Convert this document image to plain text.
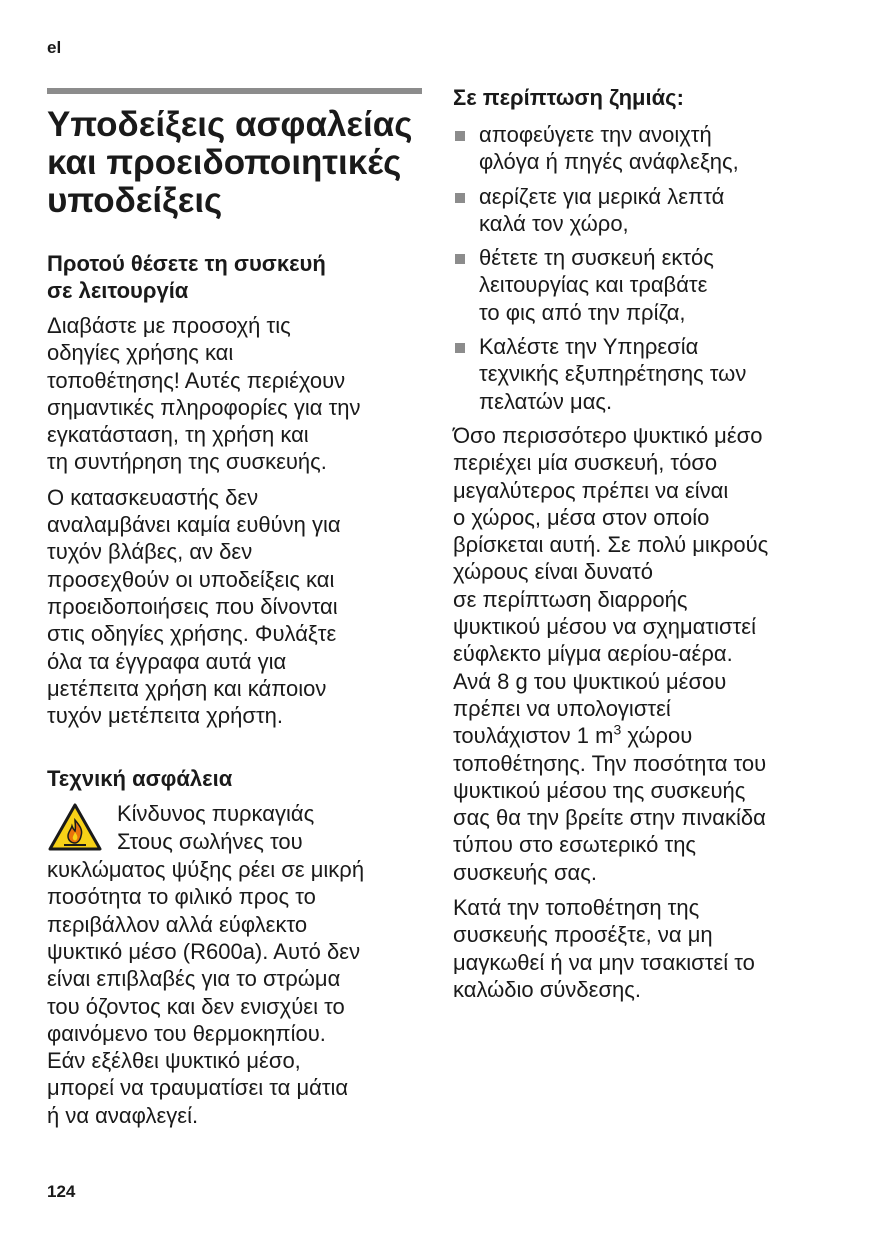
el
Υποδείξεις ασφαλείας
και προειδοποιητικές
υποδείξεις
Προτού θέσετε τη συσκευή
σε λειτουργία

Διαβάστε με προσοχή τις
οδηγίες χρήσης και
τοποθέτησης! Αυτές περιέχουν
σημαντικές πληροφορίες για την
εγκατάσταση, τη χρήση και
τη συντήρηση της συσκευής.

Ο κατασκευαστής δεν
αναλαμβάνει καμία ευθύνη για
τυχόν βλάβες, αν δεν
προσεχθούν οι υποδείξεις και
προειδοποιήσεις που δίνονται
στις οδηγίες χρήσης. Φυλάξτε
όλα τα έγγραφα αυτά για
μετέπειτα χρήση και κάποιον
τυχόν μετέπειτα χρήστη.

Τεχνική ασφάλεια
Κίνδυνος πυρκαγιάς
Στους σωλήνες του

κυκλώματος ψύξης ρέει σε μικρή
ποσότητα το φιλικό προς το
περιβάλλον αλλά εύφλεκτο
ψυκτικό μέσο (R600a). Αυτό δεν
είναι επιβλαβές για το στρώμα
του όζοντος και δεν ενισχύει το
φαινόμενο του θερμοκηπίου.
Εάν εξέλθει ψυκτικό μέσο,
μπορεί να τραυματίσει τα μάτια
ή να αναφλεγεί.

Σε περίπτωση ζημιάς:
αποφεύγετε την ανοιχτή
φλόγα ή πηγές ανάφλεξης,
αερίζετε για μερικά λεπτά
καλά τον χώρο,
θέτετε τη συσκευή εκτός
λειτουργίας και τραβάτε
το φις από την πρίζα,
Καλέστε την Υπηρεσία
τεχνικής εξυπηρέτησης των
πελατών μας.

Όσο περισσότερο ψυκτικό μέσο
περιέχει μία συσκευή, τόσο
μεγαλύτερος πρέπει να είναι
ο χώρος, μέσα στον οποίο
βρίσκεται αυτή. Σε πολύ μικρούς
χώρους είναι δυνατό
σε περίπτωση διαρροής
ψυκτικού μέσου να σχηματιστεί
εύφλεκτο μίγμα αερίου-αέρα.
Ανά 8 g του ψυκτικού μέσου
πρέπει να υπολογιστεί
τουλάχιστον 1 $m^3$ χώρου
τοποθέτησης. Την ποσότητα του
ψυκτικού μέσου της συσκευής
σας θα την βρείτε στην πινακίδα
τύπου στο εσωτερικό της
συσκευής σας.

Κατά την τοποθέτηση της
συσκευής προσέξτε, να μη
μαγκωθεί ή να μην τσακιστεί το
καλώδιο σύνδεσης.

124
